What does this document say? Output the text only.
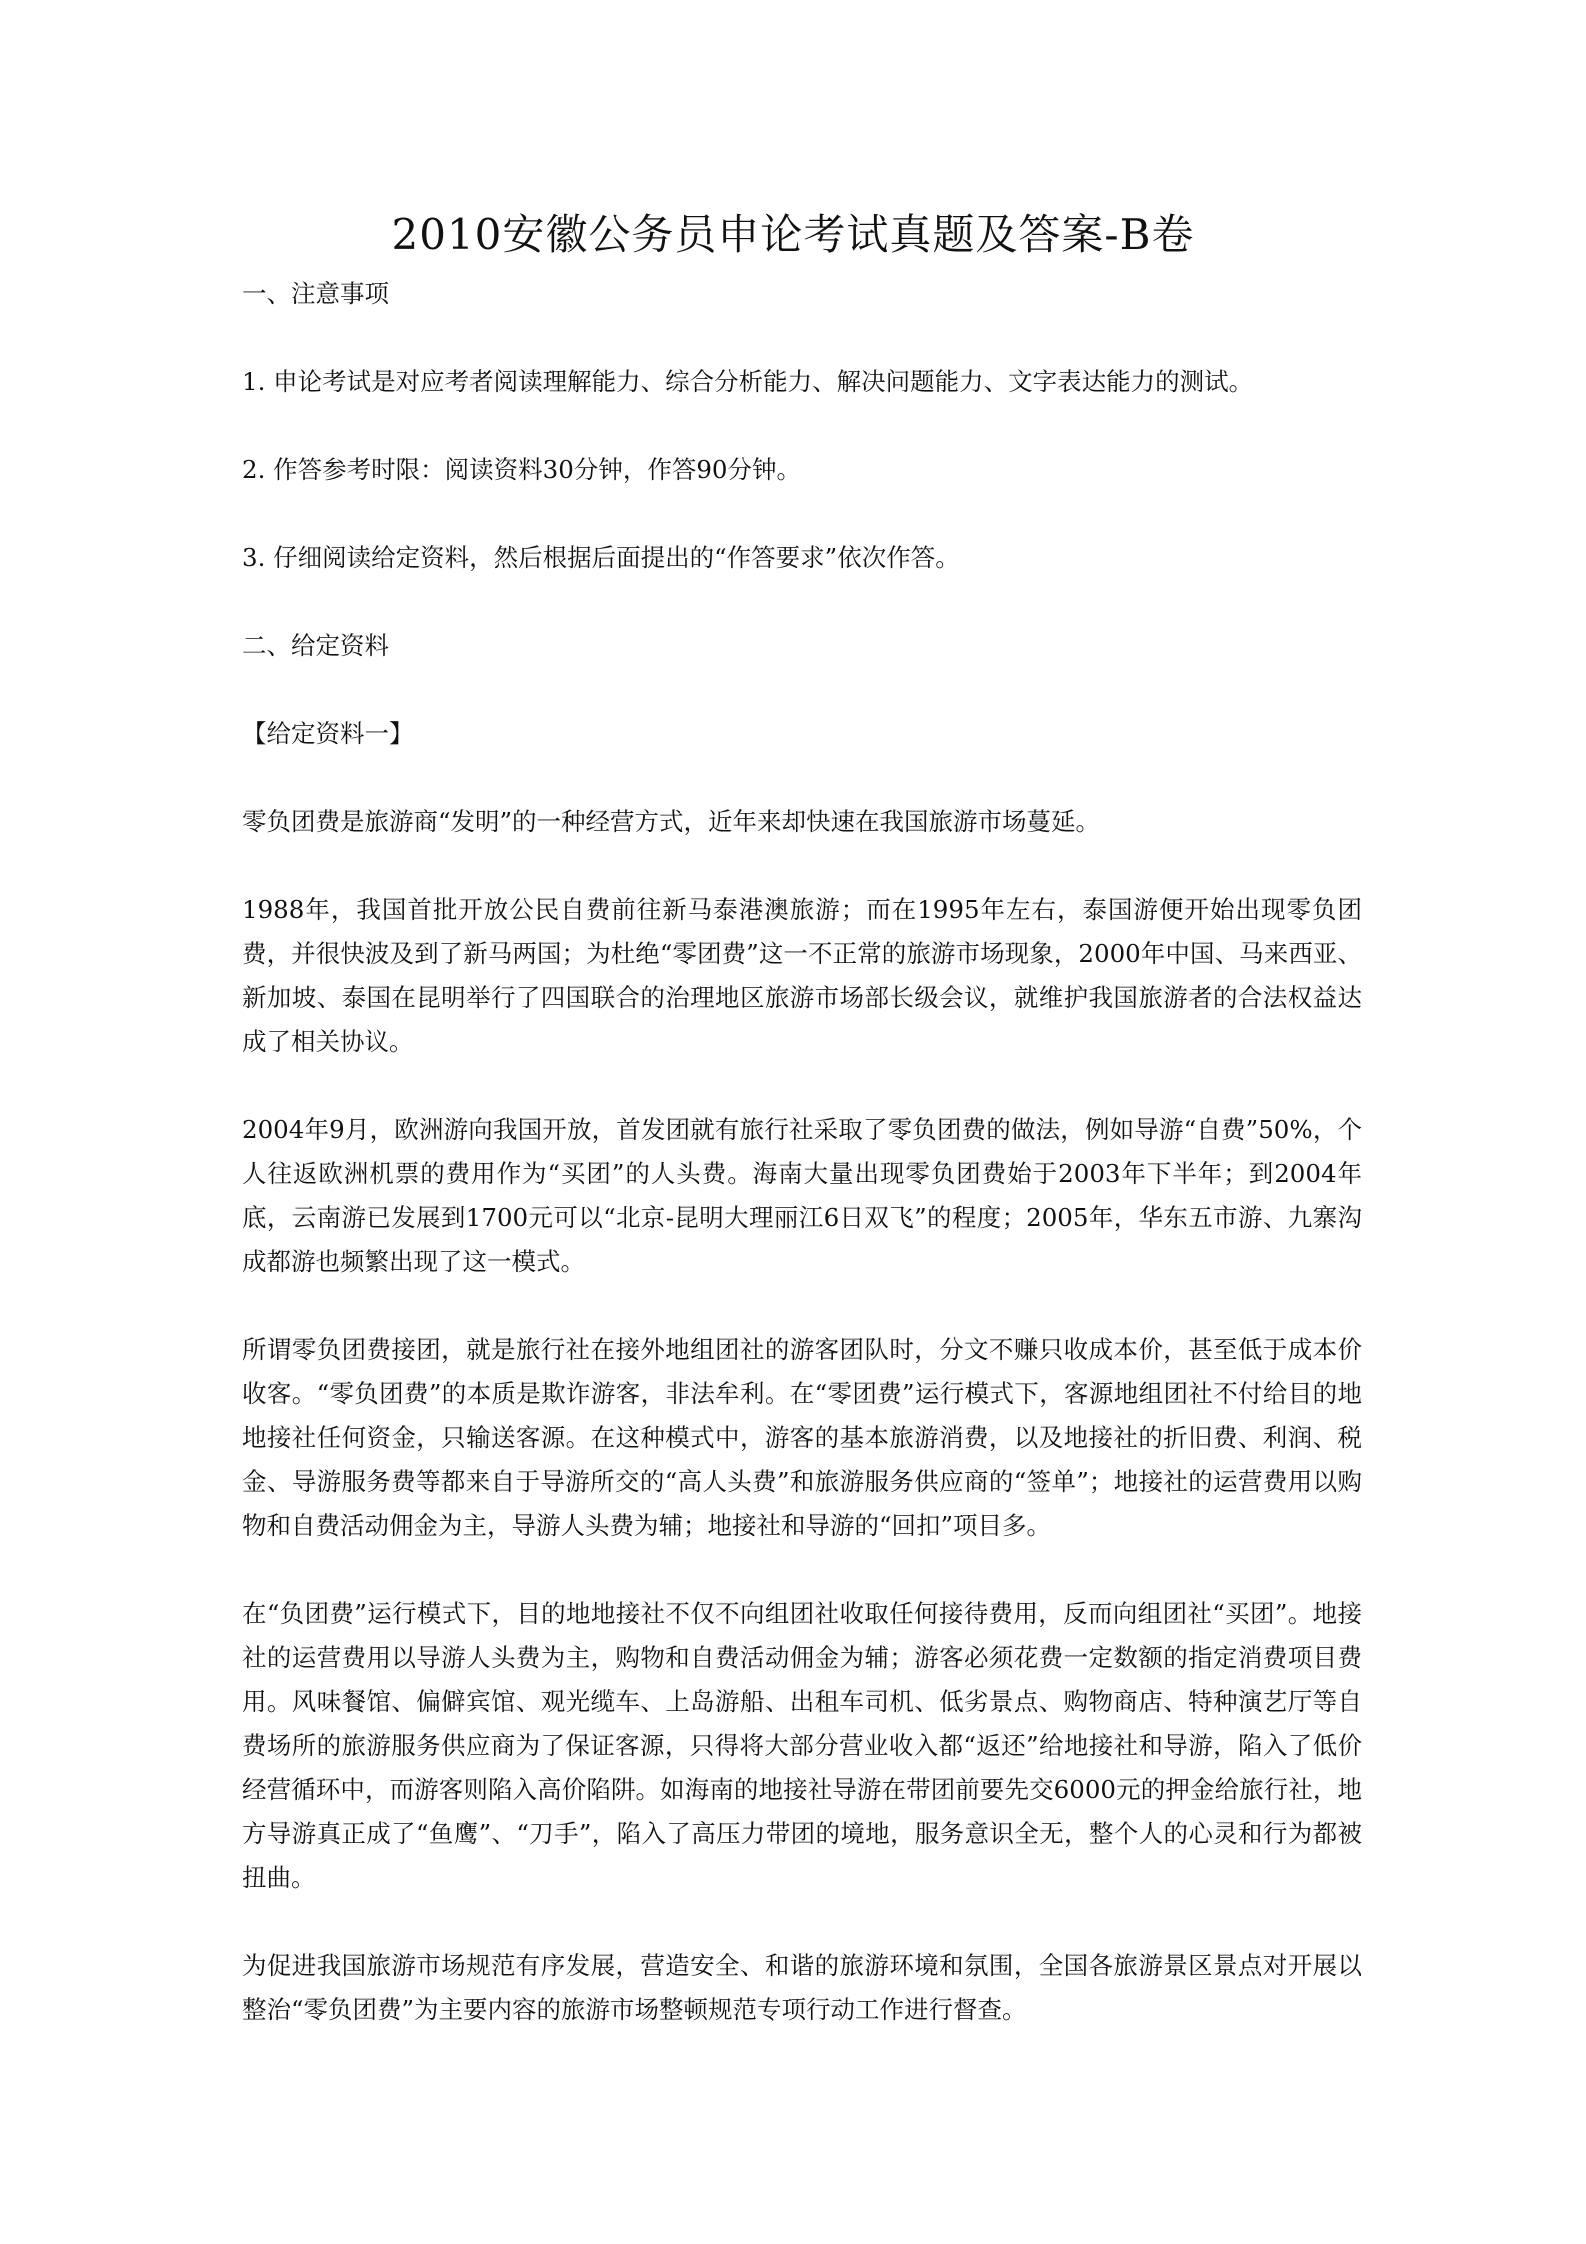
2010安徽公务员申论考试真题及答案-B卷

一、注意事项

1. 申论考试是对应考者阅读理解能力、综合分析能力、解决问题能力、文字表达能力的测试。

2. 作答参考时限：阅读资料30分钟，作答90分钟。

3. 仔细阅读给定资料，然后根据后面提出的“作答要求”依次作答。

二、给定资料

【给定资料一】

零负团费是旅游商“发明”的一种经营方式，近年来却快速在我国旅游市场蔓延。

1988年，我国首批开放公民自费前往新马泰港澳旅游；而在1995年左右，泰国游便开始出现零负团费，并很快波及到了新马两国；为杜绝“零团费”这一不正常的旅游市场现象，2000年中国、马来西亚、新加坡、泰国在昆明举行了四国联合的治理地区旅游市场部长级会议，就维护我国旅游者的合法权益达成了相关协议。

2004年9月，欧洲游向我国开放，首发团就有旅行社采取了零负团费的做法，例如导游“自费”50%，个人往返欧洲机票的费用作为“买团”的人头费。海南大量出现零负团费始于2003年下半年；到2004年底，云南游已发展到1700元可以“北京-昆明大理丽江6日双飞”的程度；2005年，华东五市游、九寨沟成都游也频繁出现了这一模式。

所谓零负团费接团，就是旅行社在接外地组团社的游客团队时，分文不赚只收成本价，甚至低于成本价收客。“零负团费”的本质是欺诈游客，非法牟利。在“零团费”运行模式下，客源地组团社不付给目的地地接社任何资金，只输送客源。在这种模式中，游客的基本旅游消费，以及地接社的折旧费、利润、税金、导游服务费等都来自于导游所交的“高人头费”和旅游服务供应商的“签单”；地接社的运营费用以购物和自费活动佣金为主，导游人头费为辅；地接社和导游的“回扣”项目多。

在“负团费”运行模式下，目的地地接社不仅不向组团社收取任何接待费用，反而向组团社“买团”。地接社的运营费用以导游人头费为主，购物和自费活动佣金为辅；游客必须花费一定数额的指定消费项目费用。风味餐馆、偏僻宾馆、观光缆车、上岛游船、出租车司机、低劣景点、购物商店、特种演艺厅等自费场所的旅游服务供应商为了保证客源，只得将大部分营业收入都“返还”给地接社和导游，陷入了低价经营循环中，而游客则陷入高价陷阱。如海南的地接社导游在带团前要先交6000元的押金给旅行社，地方导游真正成了“鱼鹰”、“刀手”，陷入了高压力带团的境地，服务意识全无，整个人的心灵和行为都被扭曲。

为促进我国旅游市场规范有序发展，营造安全、和谐的旅游环境和氛围，全国各旅游景区景点对开展以整治“零负团费”为主要内容的旅游市场整顿规范专项行动工作进行督查。
